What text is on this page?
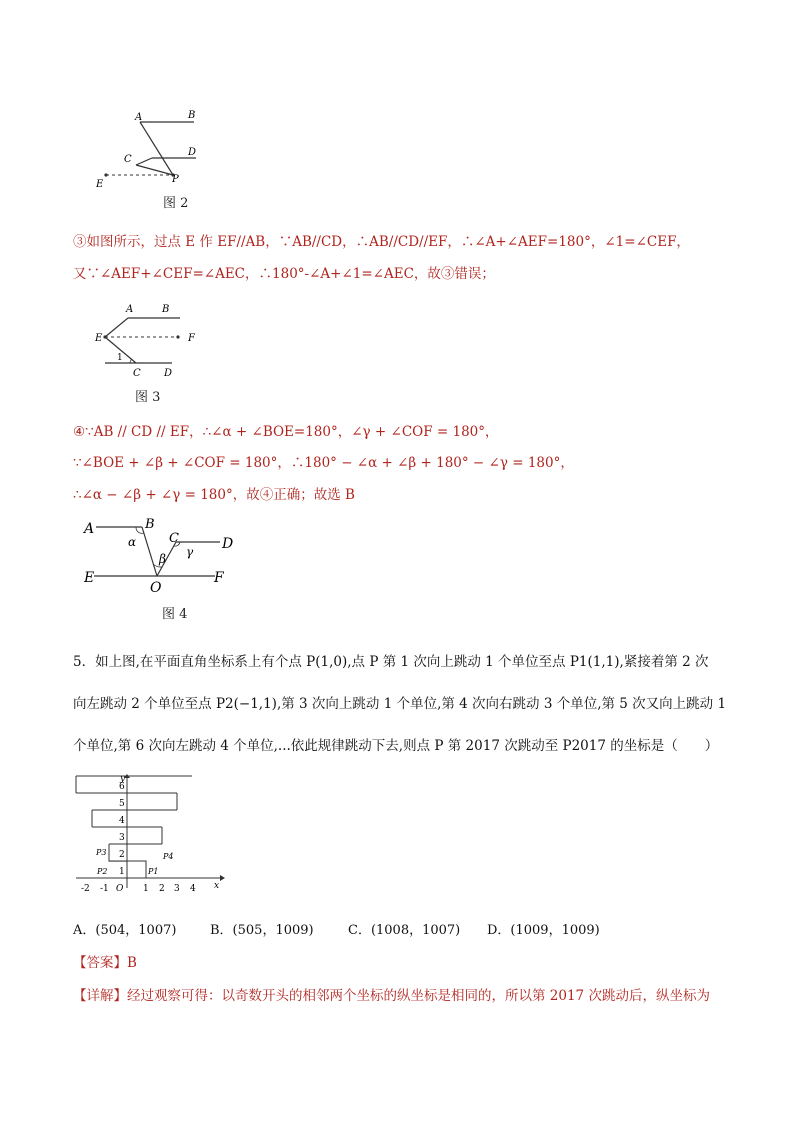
A	B
C
D
E	P
图 2
③如图所示，过点 E 作 EF//AB，∵AB//CD，∴AB//CD//EF，∴∠A+∠AEF=180°，∠1=∠CEF，
又∵∠AEF+∠CEF=∠AEC，∴180°-∠A+∠1=∠AEC，故③错误；
A	B
E	F
1
C D
图 3
④∵AB // CD // EF，∴∠α + ∠BOE=180°，∠γ + ∠COF = 180°，
∵∠BOE + ∠β + ∠COF = 180°，∴180° − ∠α + ∠β + 180° − ∠γ = 180°，
∴∠α − ∠β + ∠γ = 180°，故④正确；故选 B
A	B
C	D
E	F
O
α
β γ
图 4
5．如上图,在平面直角坐标系上有个点 P(1,0),点 P 第 1 次向上跳动 1 个单位至点 P1(1,1),紧接着第 2 次
向左跳动 2 个单位至点 P2(−1,1),第 3 次向上跳动 1 个单位,第 4 次向右跳动 3 个单位,第 5 次又向上跳动 1
个单位,第 6 次向左跳动 4 个单位,...依此规律跳动下去,则点 P 第 2017 次跳动至 P2017 的坐标是（　　）
1
2
3
4
5
6
y
-2 -1 O 1 2 3 4 x
P1
P2
P3	P4
A．(504，1007)	B．(505，1009)	C．(1008，1007) D．(1009，1009)
【答案】B
【详解】经过观察可得：以奇数开头的相邻两个坐标的纵坐标是相同的，所以第 2017 次跳动后，纵坐标为
